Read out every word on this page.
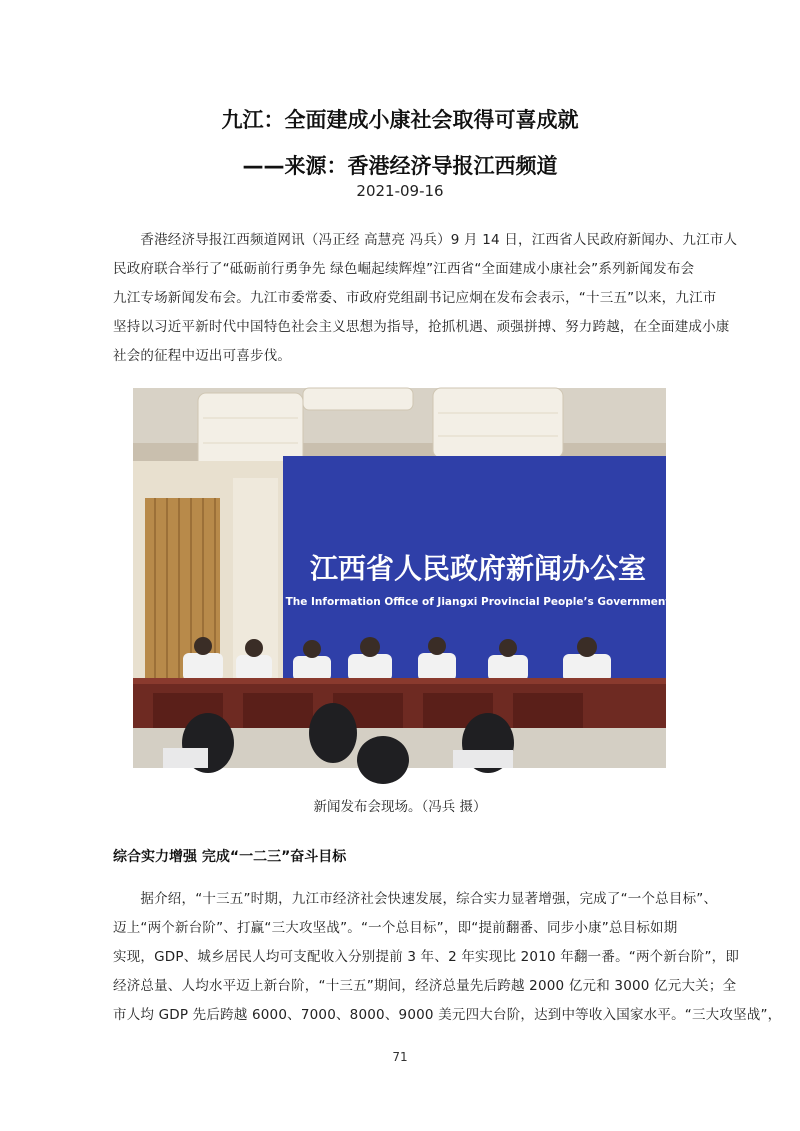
九江：全面建成小康社会取得可喜成就
——来源：香港经济导报江西频道
2021-09-16
　　香港经济导报江西频道网讯（冯正经 高慧亮 冯兵）9 月 14 日，江西省人民政府新闻办、九江市人
民政府联合举行了“砥砺前行勇争先 绿色崛起续辉煌”江西省“全面建成小康社会”系列新闻发布会
九江专场新闻发布会。九江市委常委、市政府党组副书记应炯在发布会表示，“十三五”以来，九江市
坚持以习近平新时代中国特色社会主义思想为指导，抢抓机遇、顽强拼搏、努力跨越，在全面建成小康
社会的征程中迈出可喜步伐。
江西省人民政府新闻办公室
The Information Office of Jiangxi Provincial People’s Government
新闻发布会现场。（冯兵 摄）
综合实力增强 完成“一二三”奋斗目标
　　据介绍，“十三五”时期，九江市经济社会快速发展，综合实力显著增强，完成了“一个总目标”、
迈上“两个新台阶”、打赢“三大攻坚战”。“一个总目标”，即“提前翻番、同步小康”总目标如期
实现，GDP、城乡居民人均可支配收入分别提前 3 年、2 年实现比 2010 年翻一番。“两个新台阶”，即
经济总量、人均水平迈上新台阶，“十三五”期间，经济总量先后跨越 2000 亿元和 3000 亿元大关；全
市人均 GDP 先后跨越 6000、7000、8000、9000 美元四大台阶，达到中等收入国家水平。“三大攻坚战”，
71
